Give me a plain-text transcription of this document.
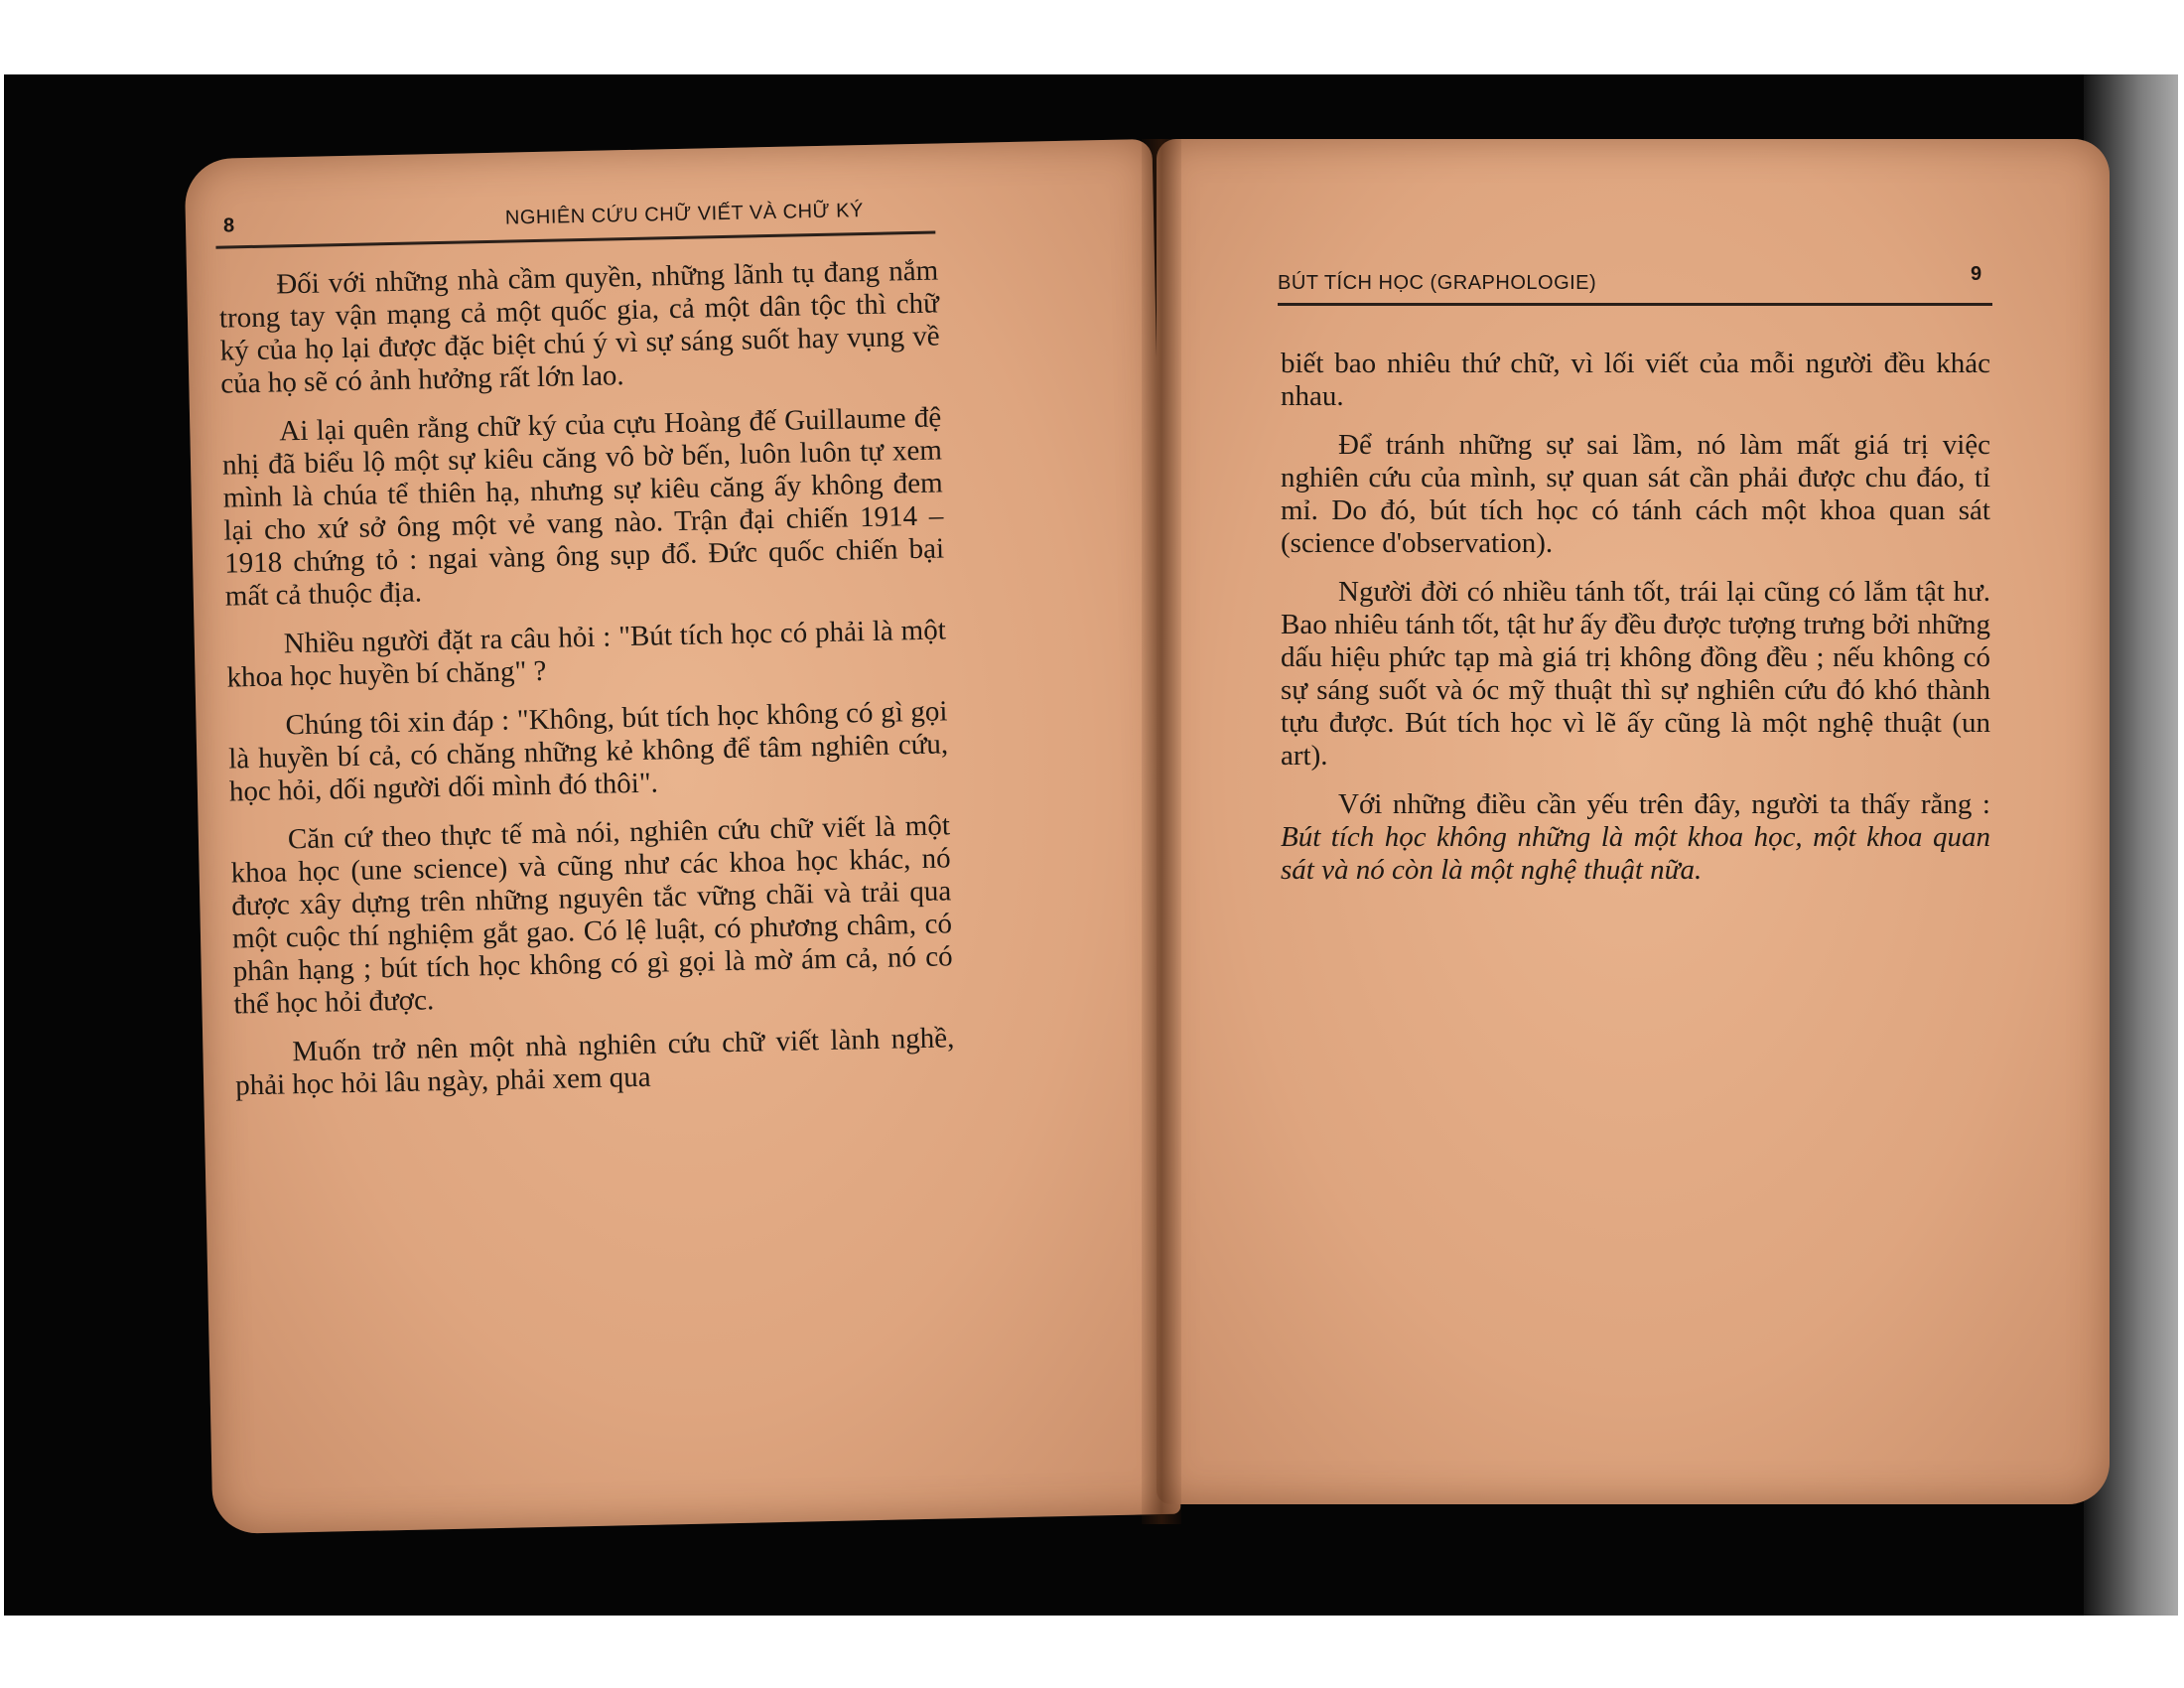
8	NGHIÊN CỨU CHỮ VIẾT VÀ CHỮ KÝ

Đối với những nhà cầm quyền, những lãnh tụ đang nắm trong tay vận mạng cả một quốc gia, cả một dân tộc thì chữ ký của họ lại được đặc biệt chú ý vì sự sáng suốt hay vụng về của họ sẽ có ảnh hưởng rất lớn lao.

Ai lại quên rằng chữ ký của cựu Hoàng đế Guillaume đệ nhị đã biểu lộ một sự kiêu căng vô bờ bến, luôn luôn tự xem mình là chúa tể thiên hạ, nhưng sự kiêu căng ấy không đem lại cho xứ sở ông một vẻ vang nào. Trận đại chiến 1914 – 1918 chứng tỏ : ngai vàng ông sụp đổ. Đức quốc chiến bại mất cả thuộc địa.

Nhiều người đặt ra câu hỏi : "Bút tích học có phải là một khoa học huyền bí chăng" ?

Chúng tôi xin đáp : "Không, bút tích học không có gì gọi là huyền bí cả, có chăng những kẻ không để tâm nghiên cứu, học hỏi, dối người dối mình đó thôi".

Căn cứ theo thực tế mà nói, nghiên cứu chữ viết là một khoa học (une science) và cũng như các khoa học khác, nó được xây dựng trên những nguyên tắc vững chãi và trải qua một cuộc thí nghiệm gắt gao. Có lệ luật, có phương châm, có phân hạng ; bút tích học không có gì gọi là mờ ám cả, nó có thể học hỏi được.

Muốn trở nên một nhà nghiên cứu chữ viết lành nghề, phải học hỏi lâu ngày, phải xem qua

BÚT TÍCH HỌC (GRAPHOLOGIE)	9

biết bao nhiêu thứ chữ, vì lối viết của mỗi người đều khác nhau.

Để tránh những sự sai lầm, nó làm mất giá trị việc nghiên cứu của mình, sự quan sát cần phải được chu đáo, tỉ mỉ. Do đó, bút tích học có tánh cách một khoa quan sát (science d'observation).

Người đời có nhiều tánh tốt, trái lại cũng có lắm tật hư. Bao nhiêu tánh tốt, tật hư ấy đều được tượng trưng bởi những dấu hiệu phức tạp mà giá trị không đồng đều ; nếu không có sự sáng suốt và óc mỹ thuật thì sự nghiên cứu đó khó thành tựu được. Bút tích học vì lẽ ấy cũng là một nghệ thuật (un art).

Với những điều cần yếu trên đây, người ta thấy rằng : Bút tích học không những là một khoa học, một khoa quan sát và nó còn là một nghệ thuật nữa.
